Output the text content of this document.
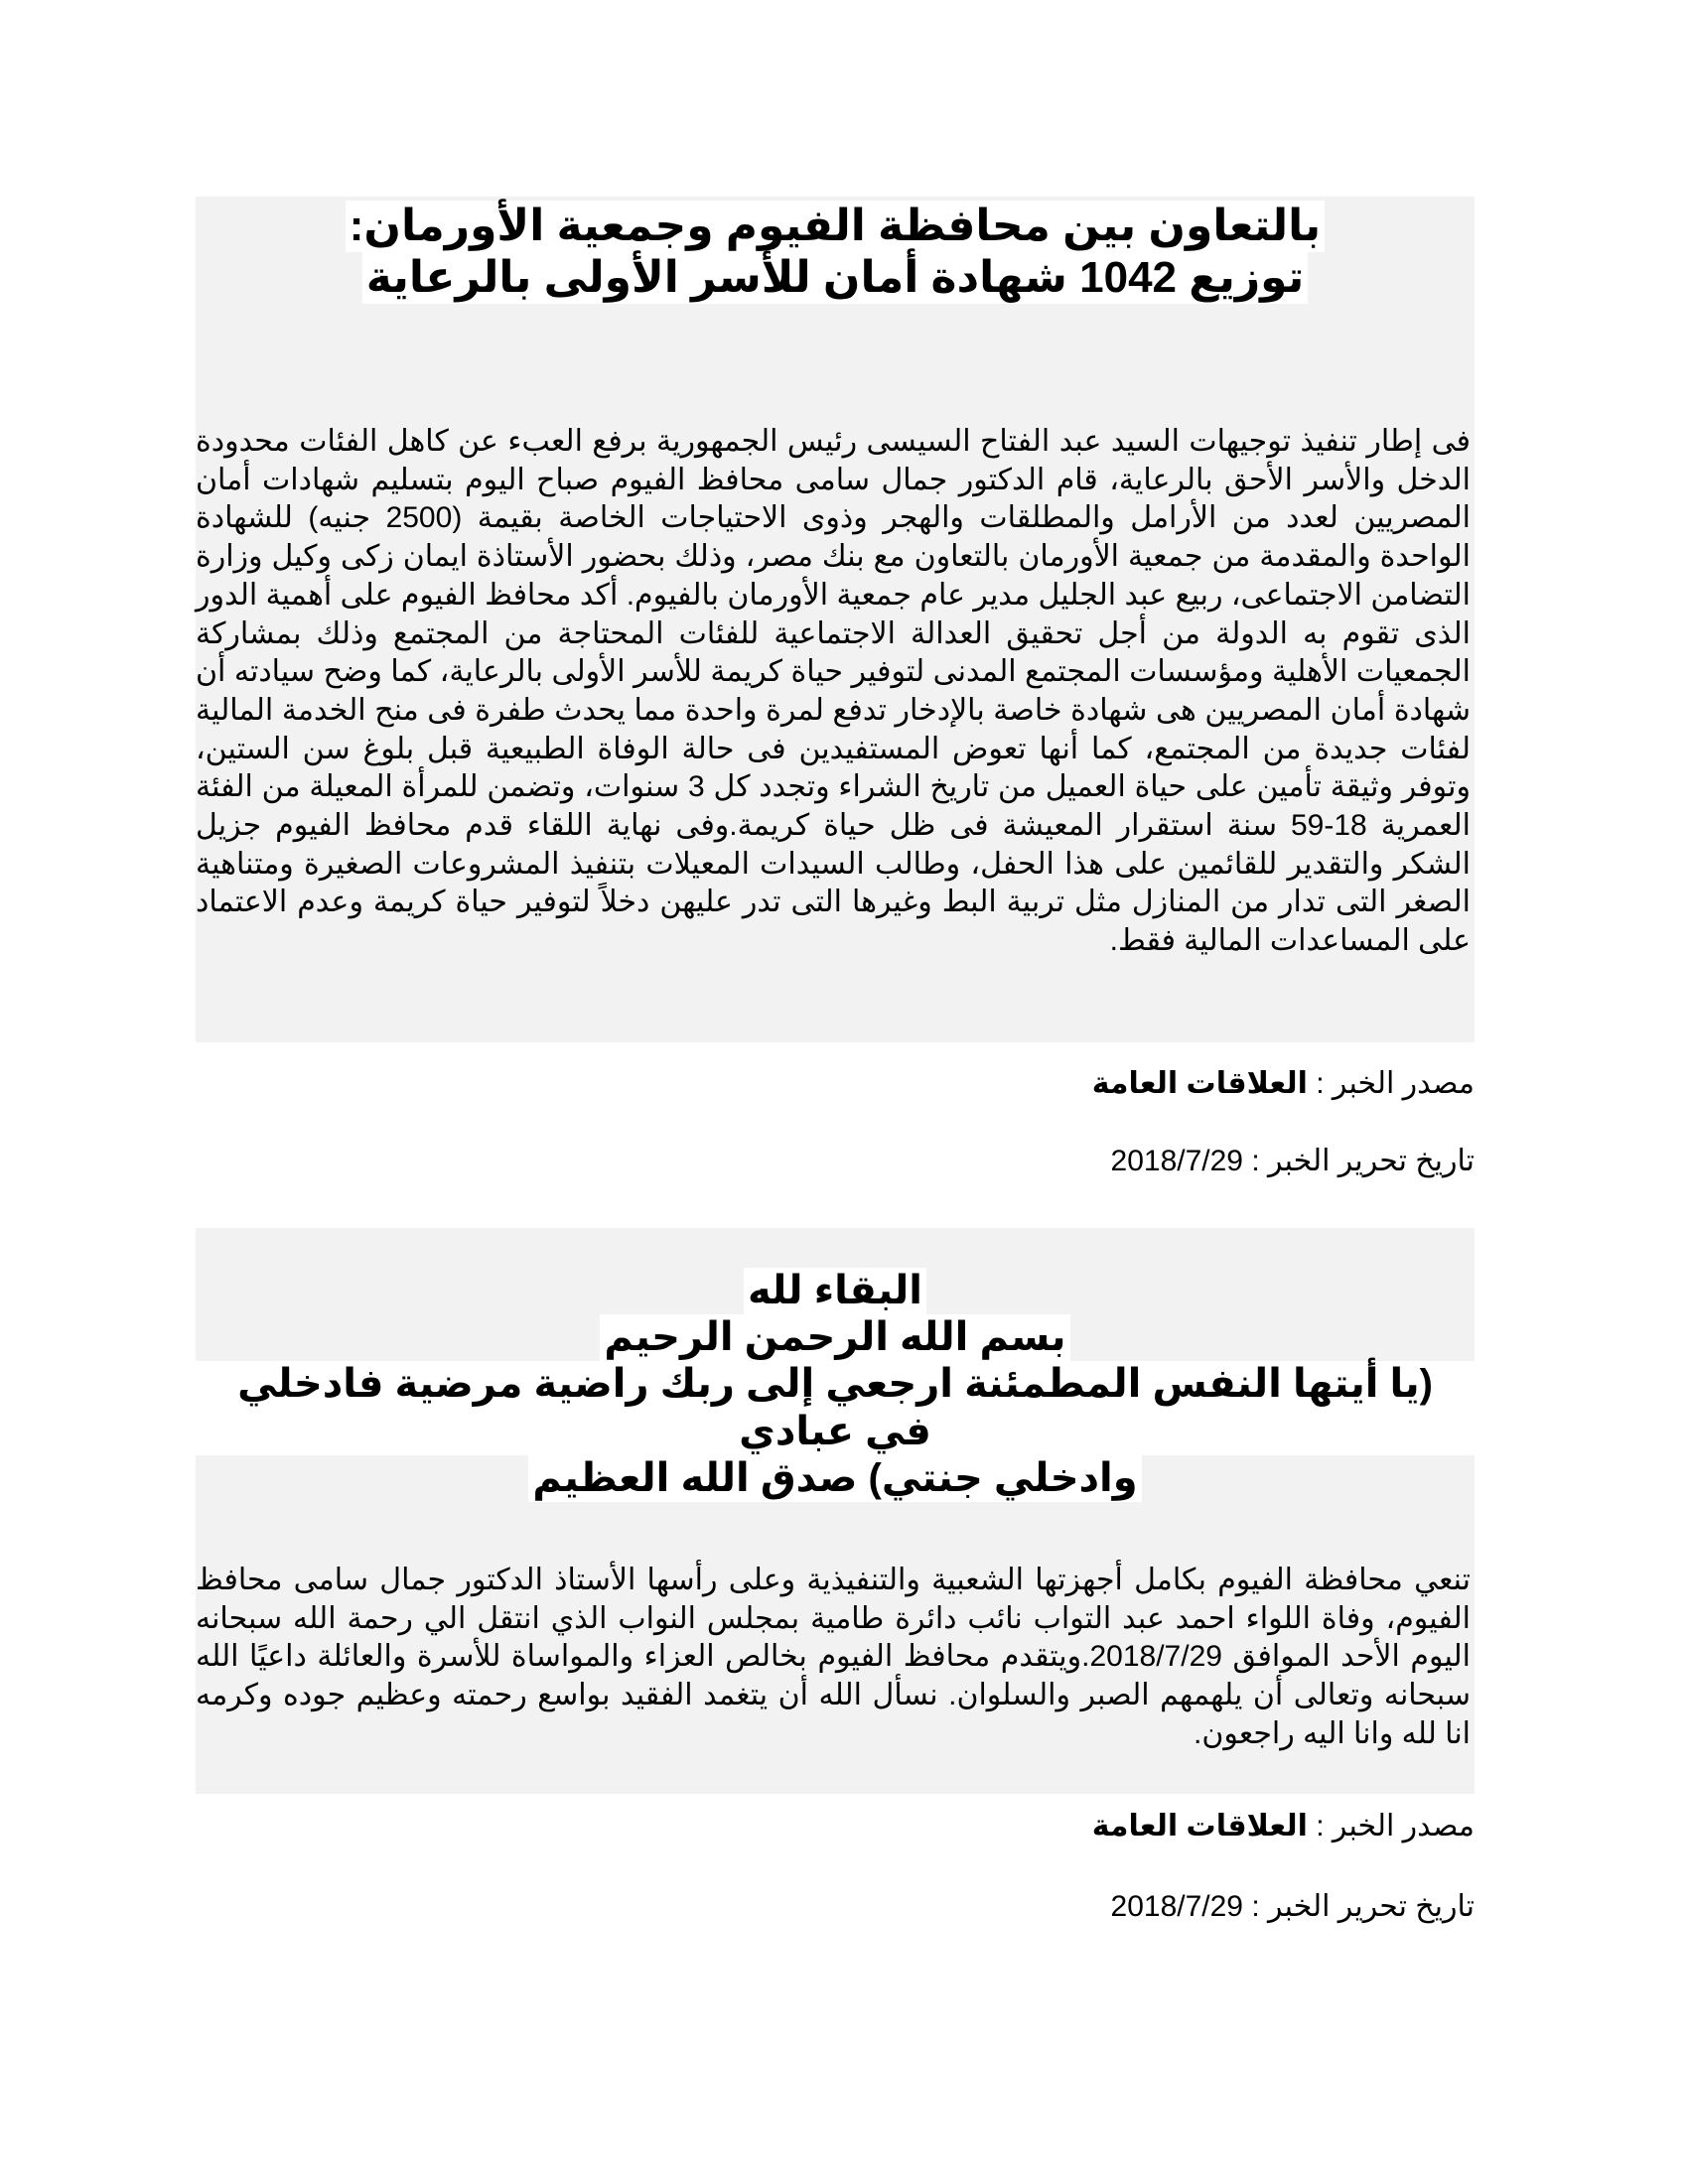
بالتعاون بين محافظة الفيوم وجمعية الأورمان:
توزيع 1042 شهادة أمان للأسر الأولى بالرعاية

فى إطار تنفيذ توجيهات السيد عبد الفتاح السيسى رئيس الجمهورية برفع العبء عن كاهل الفئات محدودة الدخل والأسر الأحق بالرعاية، قام الدكتور جمال سامى محافظ الفيوم صباح اليوم بتسليم شهادات أمان المصريين لعدد من الأرامل والمطلقات والهجر وذوى الاحتياجات الخاصة بقيمة (2500 جنيه) للشهادة الواحدة والمقدمة من جمعية الأورمان بالتعاون مع بنك مصر، وذلك بحضور الأستاذة ايمان زكى وكيل وزارة التضامن الاجتماعى، ربيع عبد الجليل مدير عام جمعية الأورمان بالفيوم. أكد محافظ الفيوم على أهمية الدور الذى تقوم به الدولة من أجل تحقيق العدالة الاجتماعية للفئات المحتاجة من المجتمع وذلك بمشاركة الجمعيات الأهلية ومؤسسات المجتمع المدنى لتوفير حياة كريمة للأسر الأولى بالرعاية، كما وضح سيادته أن شهادة أمان المصريين هى شهادة خاصة بالإدخار تدفع لمرة واحدة مما يحدث طفرة فى منح الخدمة المالية لفئات جديدة من المجتمع، كما أنها تعوض المستفيدين فى حالة الوفاة الطبيعية قبل بلوغ سن الستين، وتوفر وثيقة تأمين على حياة العميل من تاريخ الشراء وتجدد كل 3 سنوات، وتضمن للمرأة المعيلة من الفئة العمرية 18-59 سنة استقرار المعيشة فى ظل حياة كريمة.وفى نهاية اللقاء قدم محافظ الفيوم جزيل الشكر والتقدير للقائمين على هذا الحفل، وطالب السيدات المعيلات بتنفيذ المشروعات الصغيرة ومتناهية الصغر التى تدار من المنازل مثل تربية البط وغيرها التى تدر عليهن دخلاً لتوفير حياة كريمة وعدم الاعتماد على المساعدات المالية فقط.

مصدر الخبر : العلاقات العامة

تاريخ تحرير الخبر : 2018/7/29

البقاء لله
بسم الله الرحمن الرحيم
(يا أيتها النفس المطمئنة ارجعي إلى ربك راضية مرضية فادخلي في عبادي
وادخلي جنتي) صدق الله العظيم

تنعي محافظة الفيوم بكامل أجهزتها الشعبية والتنفيذية وعلى رأسها الأستاذ الدكتور جمال سامى محافظ الفيوم، وفاة اللواء احمد عبد التواب نائب دائرة طامية بمجلس النواب الذي انتقل الي رحمة الله سبحانه اليوم الأحد الموافق 2018/7/29.ويتقدم محافظ الفيوم بخالص العزاء والمواساة للأسرة والعائلة داعيًا الله سبحانه وتعالى أن يلهمهم الصبر والسلوان. نسأل الله أن يتغمد الفقيد بواسع رحمته وعظيم جوده وكرمه انا لله وانا اليه راجعون.

مصدر الخبر : العلاقات العامة

تاريخ تحرير الخبر : 2018/7/29
